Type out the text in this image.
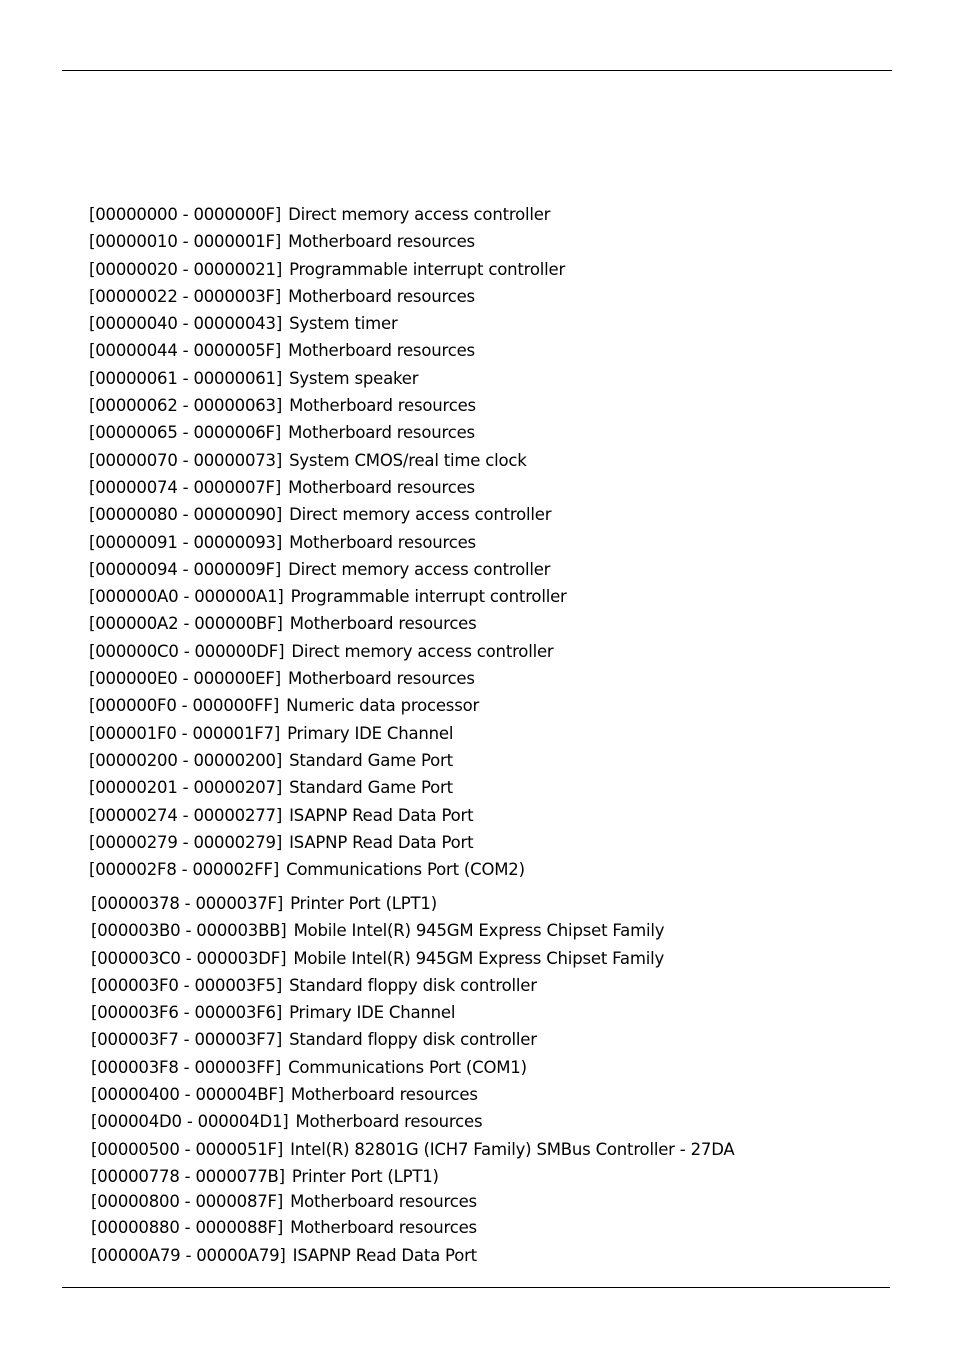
[00000000 - 0000000F] Direct memory access controller
[00000010 - 0000001F] Motherboard resources
[00000020 - 00000021] Programmable interrupt controller
[00000022 - 0000003F] Motherboard resources
[00000040 - 00000043] System timer
[00000044 - 0000005F] Motherboard resources
[00000061 - 00000061] System speaker
[00000062 - 00000063] Motherboard resources
[00000065 - 0000006F] Motherboard resources
[00000070 - 00000073] System CMOS/real time clock
[00000074 - 0000007F] Motherboard resources
[00000080 - 00000090] Direct memory access controller
[00000091 - 00000093] Motherboard resources
[00000094 - 0000009F] Direct memory access controller
[000000A0 - 000000A1] Programmable interrupt controller
[000000A2 - 000000BF] Motherboard resources
[000000C0 - 000000DF] Direct memory access controller
[000000E0 - 000000EF] Motherboard resources
[000000F0 - 000000FF] Numeric data processor
[000001F0 - 000001F7] Primary IDE Channel
[00000200 - 00000200] Standard Game Port
[00000201 - 00000207] Standard Game Port
[00000274 - 00000277] ISAPNP Read Data Port
[00000279 - 00000279] ISAPNP Read Data Port
[000002F8 - 000002FF] Communications Port (COM2)
[00000378 - 0000037F] Printer Port (LPT1)
[000003B0 - 000003BB] Mobile Intel(R) 945GM Express Chipset Family
[000003C0 - 000003DF] Mobile Intel(R) 945GM Express Chipset Family
[000003F0 - 000003F5] Standard floppy disk controller
[000003F6 - 000003F6] Primary IDE Channel
[000003F7 - 000003F7] Standard floppy disk controller
[000003F8 - 000003FF] Communications Port (COM1)
[00000400 - 000004BF] Motherboard resources
[000004D0 - 000004D1] Motherboard resources
[00000500 - 0000051F] Intel(R) 82801G (ICH7 Family) SMBus Controller - 27DA
[00000778 - 0000077B] Printer Port (LPT1)
[00000800 - 0000087F] Motherboard resources
[00000880 - 0000088F] Motherboard resources
[00000A79 - 00000A79] ISAPNP Read Data Port
